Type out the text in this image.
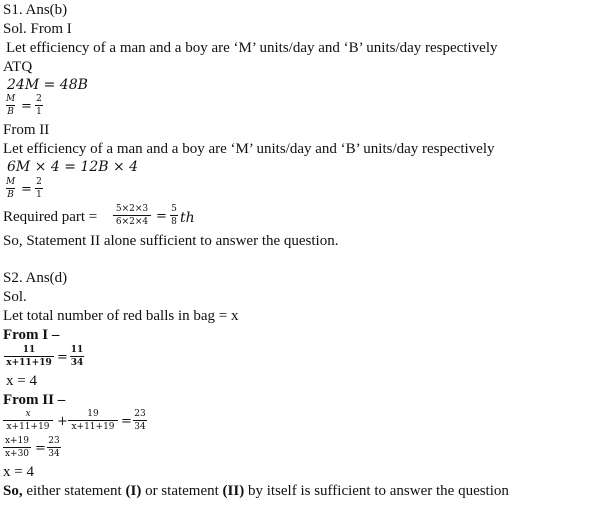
S1. Ans(b)
Sol. From I
Let efficiency of a man and a boy are ‘M’ units/day and ‘B’ units/day respectively
ATQ
24M = 48B
M
B = 2
1
From II
Let efficiency of a man and a boy are ‘M’ units/day and ‘B’ units/day respectively
6M × 4 = 12B × 4
M
B = 2
1
Required part =	5×2×3
6×2×4 = 5
8 th
So, Statement II alone sufficient to answer the question.
S2. Ans(d)
Sol.
Let total number of red balls in bag = x
From I –
11
x+11+19 = 11
34
x = 4
From II –
x
x+11+19 +	19
x+11+19 = 23
34
x+19
x+30 = 23
34
x = 4
So, either statement (I) or statement (II) by itself is sufficient to answer the question
